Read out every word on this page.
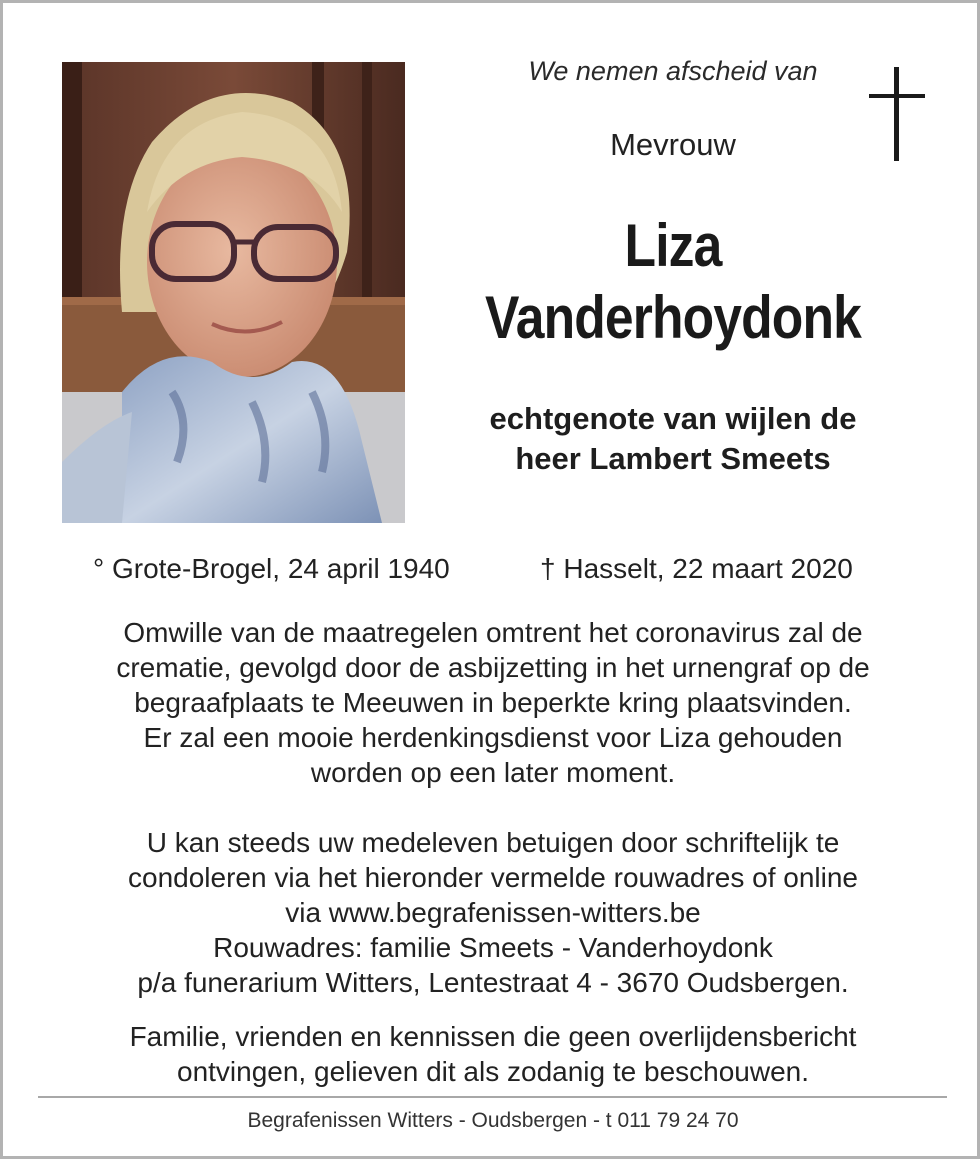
We nemen afscheid van

Mevrouw

Liza
Vanderhoydonk

echtgenote van wijlen de
heer Lambert Smeets

° Grote-Brogel, 24 april 1940	† Hasselt, 22 maart 2020

Omwille van de maatregelen omtrent het coronavirus zal de
crematie, gevolgd door de asbijzetting in het urnengraf op de
begraafplaats te Meeuwen in beperkte kring plaatsvinden.
Er zal een mooie herdenkingsdienst voor Liza gehouden
worden op een later moment.

U kan steeds uw medeleven betuigen door schriftelijk te
condoleren via het hieronder vermelde rouwadres of online
via www.begrafenissen-witters.be
Rouwadres: familie Smeets - Vanderhoydonk
p/a funerarium Witters, Lentestraat 4 - 3670 Oudsbergen.

Familie, vrienden en kennissen die geen overlijdensbericht
ontvingen, gelieven dit als zodanig te beschouwen.

Begrafenissen Witters - Oudsbergen - t 011 79 24 70
